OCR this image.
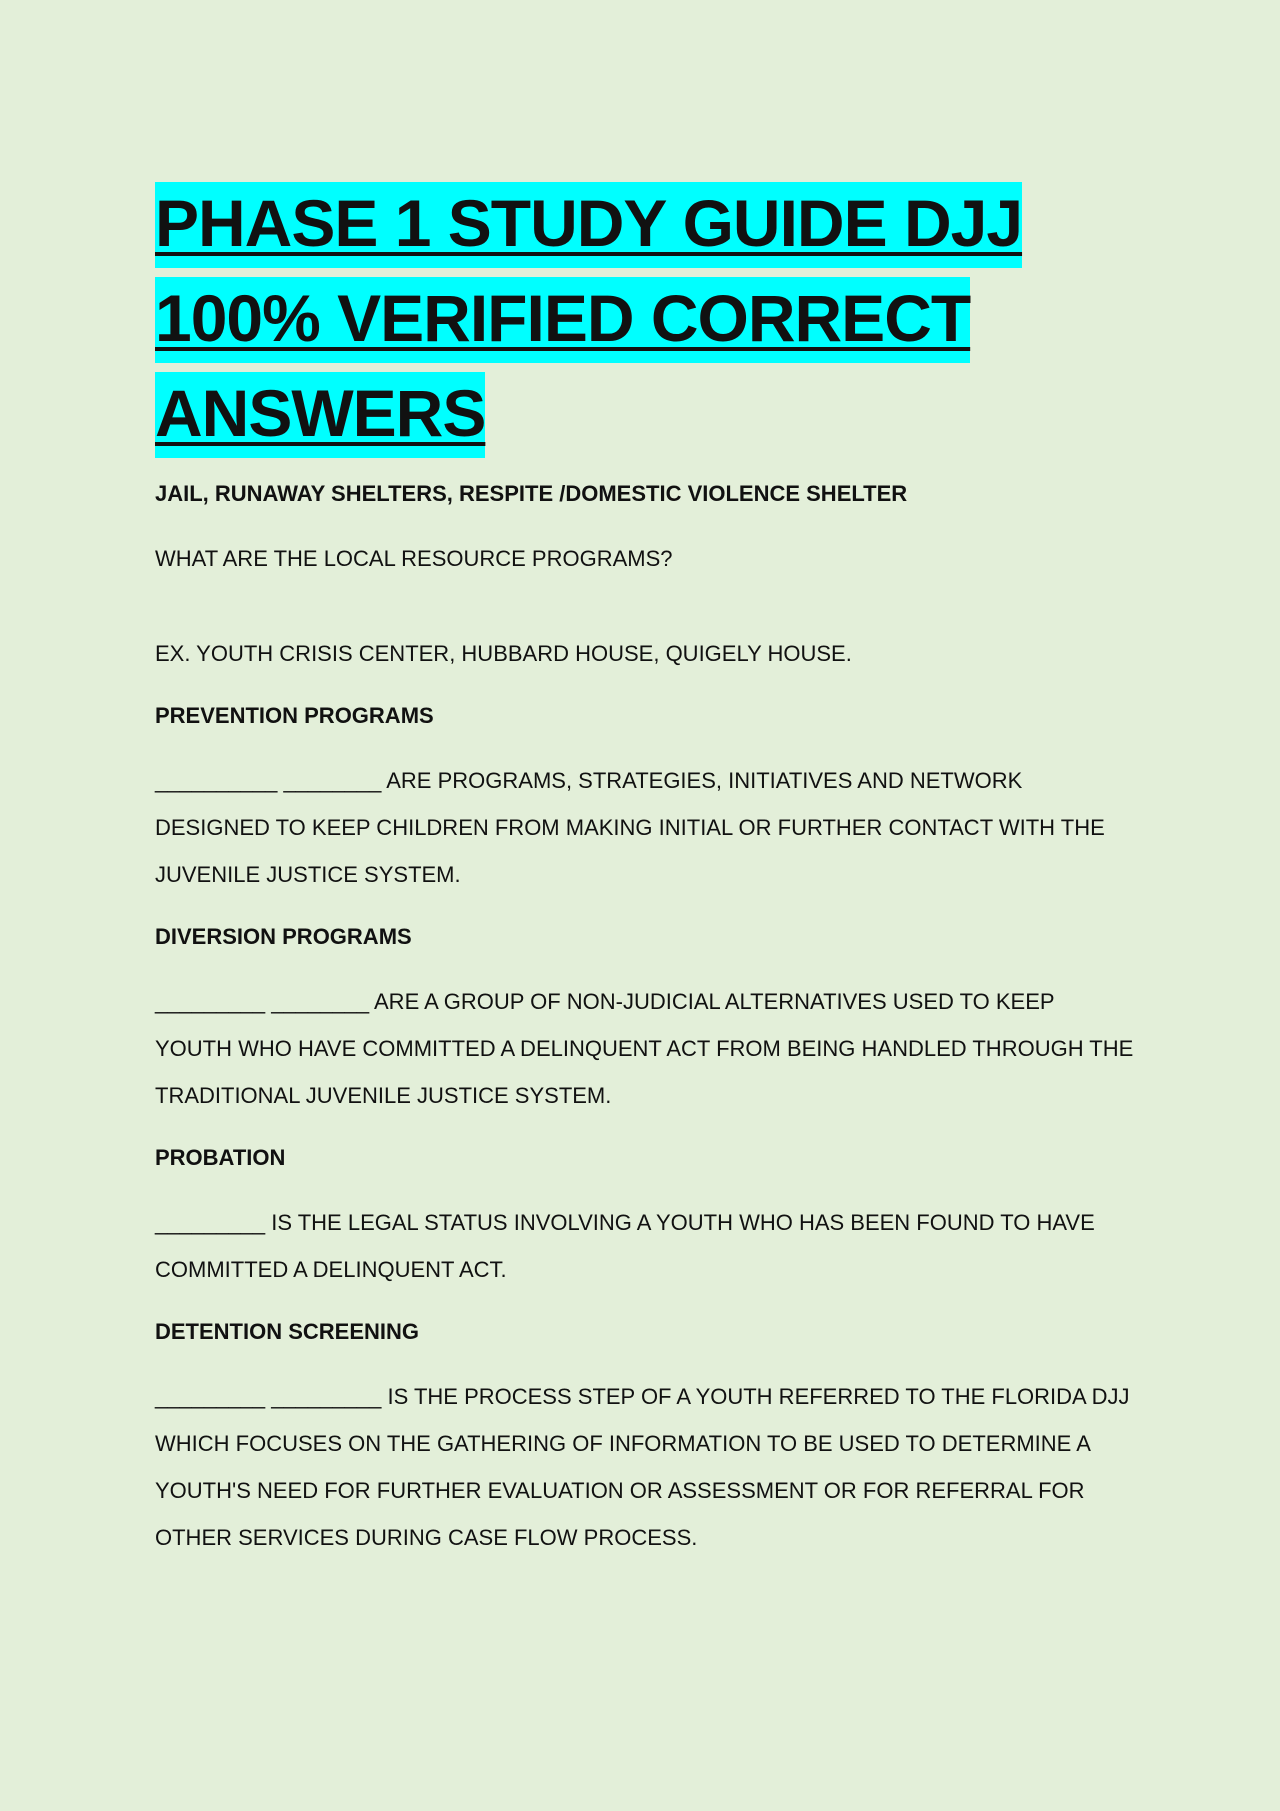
PHASE 1 STUDY GUIDE DJJ
100% VERIFIED CORRECT
ANSWERS

JAIL, RUNAWAY SHELTERS, RESPITE /DOMESTIC VIOLENCE SHELTER

WHAT ARE THE LOCAL RESOURCE PROGRAMS?

EX. YOUTH CRISIS CENTER, HUBBARD HOUSE, QUIGELY HOUSE.

PREVENTION PROGRAMS

__________ ________ ARE PROGRAMS, STRATEGIES, INITIATIVES AND NETWORK DESIGNED TO KEEP CHILDREN FROM MAKING INITIAL OR FURTHER CONTACT WITH THE JUVENILE JUSTICE SYSTEM.

DIVERSION PROGRAMS

_________ ________ ARE A GROUP OF NON-JUDICIAL ALTERNATIVES USED TO KEEP YOUTH WHO HAVE COMMITTED A DELINQUENT ACT FROM BEING HANDLED THROUGH THE TRADITIONAL JUVENILE JUSTICE SYSTEM.

PROBATION

_________ IS THE LEGAL STATUS INVOLVING A YOUTH WHO HAS BEEN FOUND TO HAVE COMMITTED A DELINQUENT ACT.

DETENTION SCREENING

_________ _________ IS THE PROCESS STEP OF A YOUTH REFERRED TO THE FLORIDA DJJ WHICH FOCUSES ON THE GATHERING OF INFORMATION TO BE USED TO DETERMINE A YOUTH'S NEED FOR FURTHER EVALUATION OR ASSESSMENT OR FOR REFERRAL FOR OTHER SERVICES DURING CASE FLOW PROCESS.
